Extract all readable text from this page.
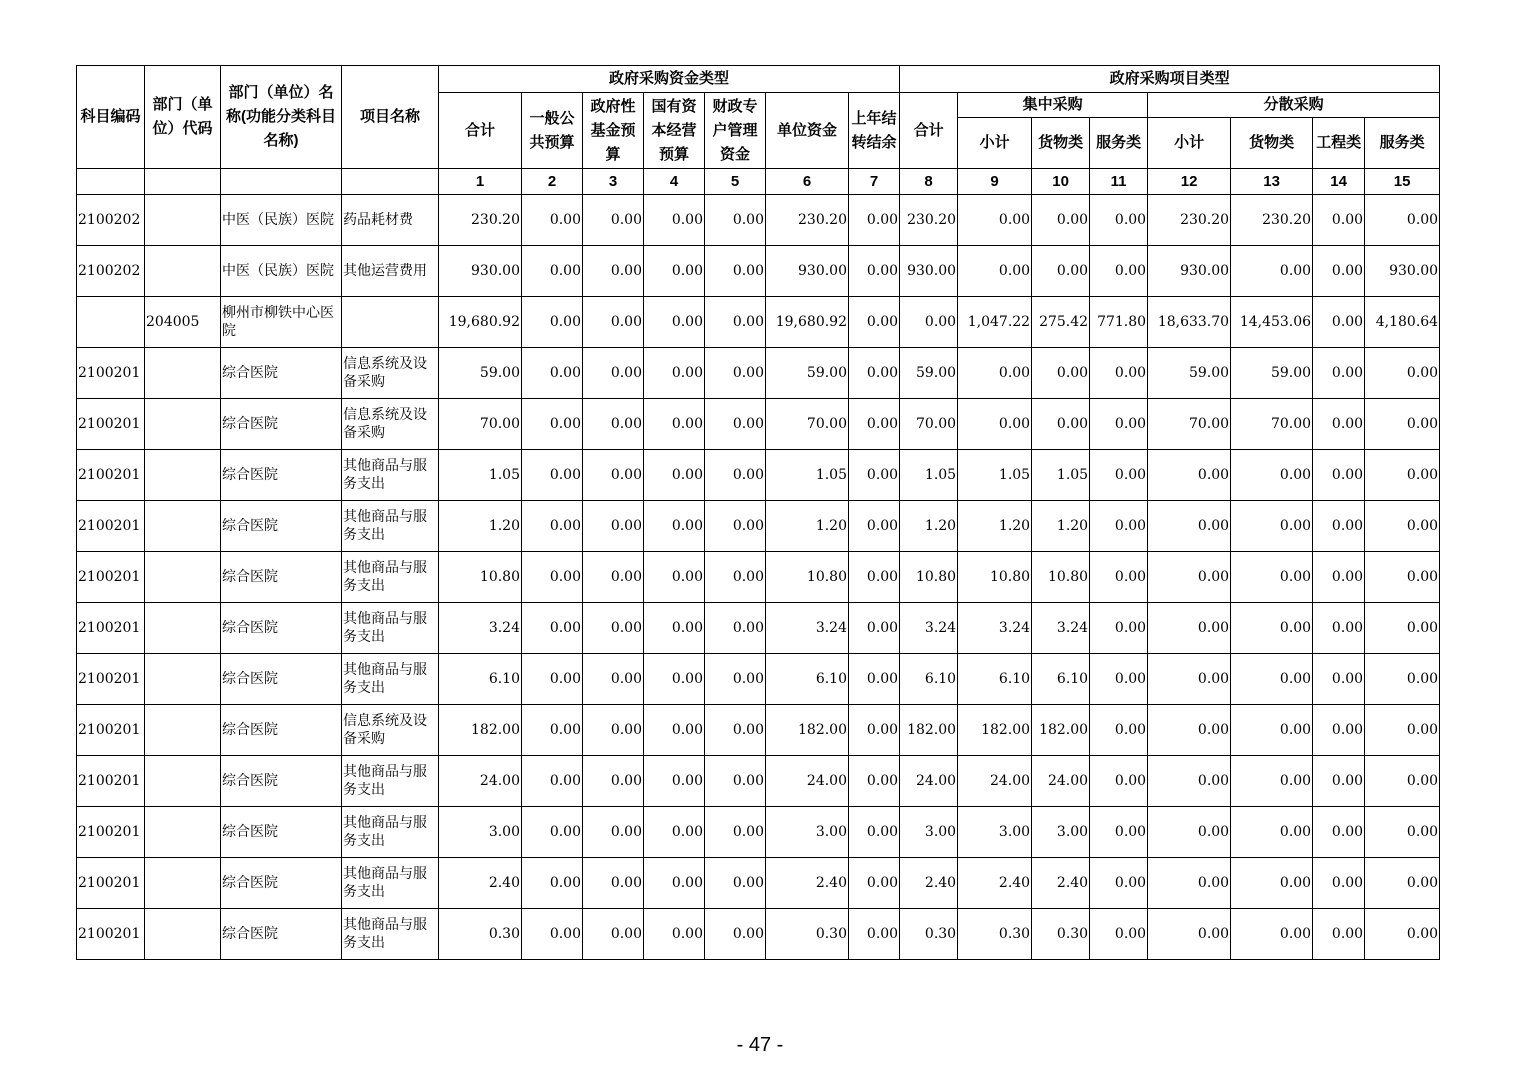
科目编码	部门（单位）代码	部门（单位）名称(功能分类科目名称)	项目名称	政府采购资金类型							政府采购项目类型							
				合计	一般公共预算	政府性基金预算	国有资本经营预算	财政专户管理资金	单位资金	上年结转结余	合计	集中采购			分散采购			
												小计	货物类	服务类	小计	货物类	工程类	服务类
				1	2	3	4	5	6	7	8	9	10	11	12	13	14	15
2100202		中医（民族）医院	药品耗材费	230.20	0.00	0.00	0.00	0.00	230.20	0.00	230.20	0.00	0.00	0.00	230.20	230.20	0.00	0.00
2100202		中医（民族）医院	其他运营费用	930.00	0.00	0.00	0.00	0.00	930.00	0.00	930.00	0.00	0.00	0.00	930.00	0.00	0.00	930.00
	204005	柳州市柳铁中心医院		19,680.92	0.00	0.00	0.00	0.00	19,680.92	0.00	0.00	1,047.22	275.42	771.80	18,633.70	14,453.06	0.00	4,180.64
2100201		综合医院	信息系统及设备采购	59.00	0.00	0.00	0.00	0.00	59.00	0.00	59.00	0.00	0.00	0.00	59.00	59.00	0.00	0.00
2100201		综合医院	信息系统及设备采购	70.00	0.00	0.00	0.00	0.00	70.00	0.00	70.00	0.00	0.00	0.00	70.00	70.00	0.00	0.00
2100201		综合医院	其他商品与服务支出	1.05	0.00	0.00	0.00	0.00	1.05	0.00	1.05	1.05	1.05	0.00	0.00	0.00	0.00	0.00
2100201		综合医院	其他商品与服务支出	1.20	0.00	0.00	0.00	0.00	1.20	0.00	1.20	1.20	1.20	0.00	0.00	0.00	0.00	0.00
2100201		综合医院	其他商品与服务支出	10.80	0.00	0.00	0.00	0.00	10.80	0.00	10.80	10.80	10.80	0.00	0.00	0.00	0.00	0.00
2100201		综合医院	其他商品与服务支出	3.24	0.00	0.00	0.00	0.00	3.24	0.00	3.24	3.24	3.24	0.00	0.00	0.00	0.00	0.00
2100201		综合医院	其他商品与服务支出	6.10	0.00	0.00	0.00	0.00	6.10	0.00	6.10	6.10	6.10	0.00	0.00	0.00	0.00	0.00
2100201		综合医院	信息系统及设备采购	182.00	0.00	0.00	0.00	0.00	182.00	0.00	182.00	182.00	182.00	0.00	0.00	0.00	0.00	0.00
2100201		综合医院	其他商品与服务支出	24.00	0.00	0.00	0.00	0.00	24.00	0.00	24.00	24.00	24.00	0.00	0.00	0.00	0.00	0.00
2100201		综合医院	其他商品与服务支出	3.00	0.00	0.00	0.00	0.00	3.00	0.00	3.00	3.00	3.00	0.00	0.00	0.00	0.00	0.00
2100201		综合医院	其他商品与服务支出	2.40	0.00	0.00	0.00	0.00	2.40	0.00	2.40	2.40	2.40	0.00	0.00	0.00	0.00	0.00
2100201		综合医院	其他商品与服务支出	0.30	0.00	0.00	0.00	0.00	0.30	0.00	0.30	0.30	0.30	0.00	0.00	0.00	0.00	0.00
- 47 -
